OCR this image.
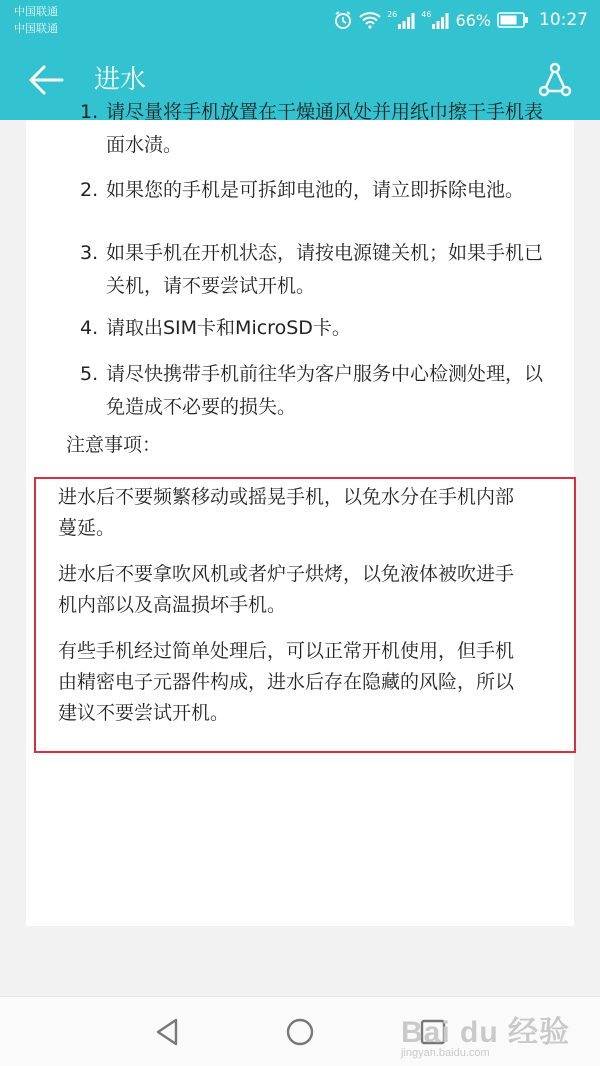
中国联通
中国联通
26	46 66%	10:27
进水
1. 请尽量将手机放置在干燥通风处并用纸巾擦干手机表面水渍。
2. 如果您的手机是可拆卸电池的，请立即拆除电池。
3. 如果手机在开机状态，请按电源键关机；如果手机已关机，请不要尝试开机。
4. 请取出SIM卡和MicroSD卡。
5. 请尽快携带手机前往华为客户服务中心检测处理，以免造成不必要的损失。
注意事项：
进水后不要频繁移动或摇晃手机，以免水分在手机内部蔓延。
进水后不要拿吹风机或者炉子烘烤，以免液体被吹进手机内部以及高温损坏手机。
有些手机经过简单处理后，可以正常开机使用，但手机由精密电子元器件构成，进水后存在隐藏的风险，所以建议不要尝试开机。
Bai du 经验
jingyan.baidu.com
